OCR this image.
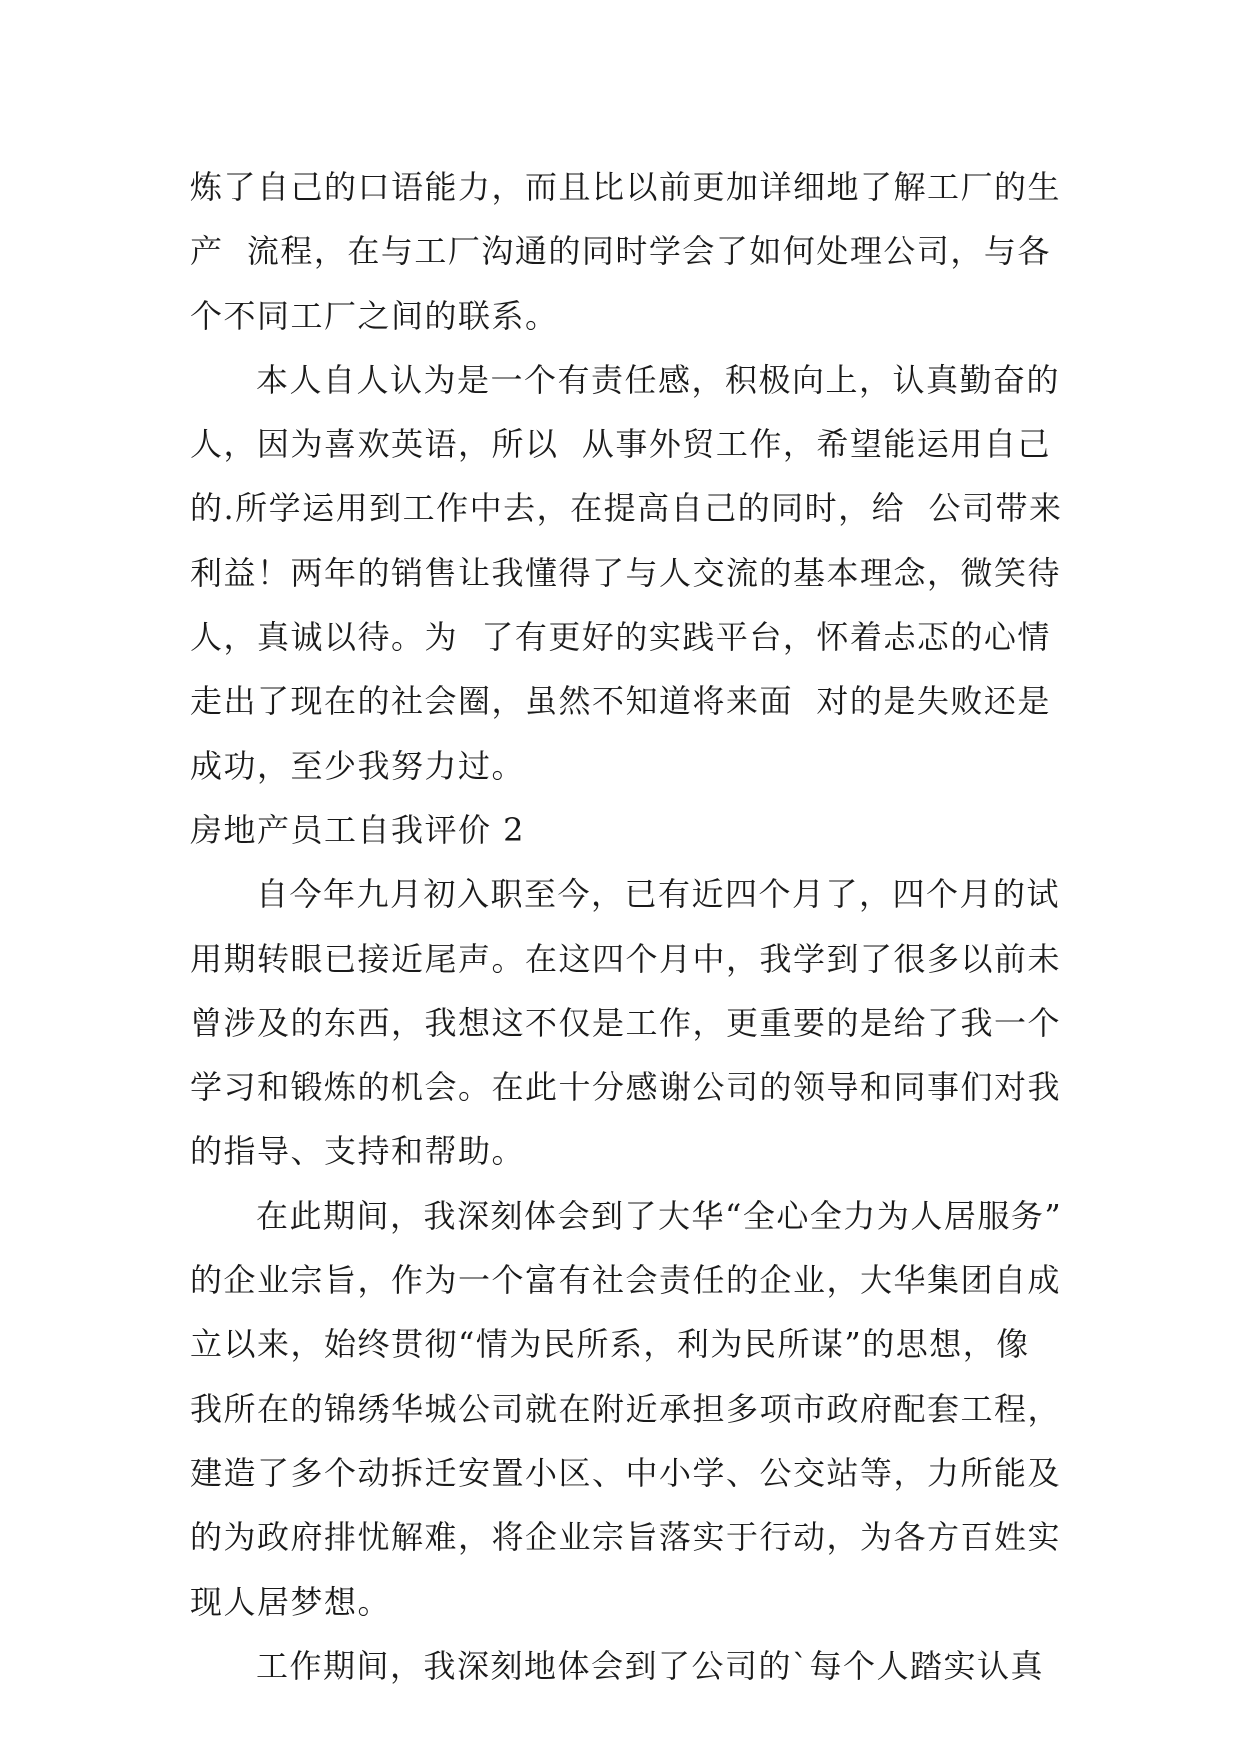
炼了自己的口语能力，而且比以前更加详细地了解工厂的生
产  流程，在与工厂沟通的同时学会了如何处理公司，与各
个不同工厂之间的联系。
本人自人认为是一个有责任感，积极向上，认真勤奋的
人，因为喜欢英语，所以  从事外贸工作，希望能运用自己
的.所学运用到工作中去，在提高自己的同时，给  公司带来
利益！两年的销售让我懂得了与人交流的基本理念，微笑待
人，真诚以待。为  了有更好的实践平台，怀着忐忑的心情
走出了现在的社会圈，虽然不知道将来面  对的是失败还是
成功，至少我努力过。
房地产员工自我评价 2
自今年九月初入职至今，已有近四个月了，四个月的试
用期转眼已接近尾声。在这四个月中，我学到了很多以前未
曾涉及的东西，我想这不仅是工作，更重要的是给了我一个
学习和锻炼的机会。在此十分感谢公司的领导和同事们对我
的指导、支持和帮助。
在此期间，我深刻体会到了大华“全心全力为人居服务”
的企业宗旨，作为一个富有社会责任的企业，大华集团自成
立以来，始终贯彻“情为民所系，利为民所谋”的思想，像
我所在的锦绣华城公司就在附近承担多项市政府配套工程，
建造了多个动拆迁安置小区、中小学、公交站等，力所能及
的为政府排忧解难，将企业宗旨落实于行动，为各方百姓实
现人居梦想。
工作期间，我深刻地体会到了公司的`每个人踏实认真
